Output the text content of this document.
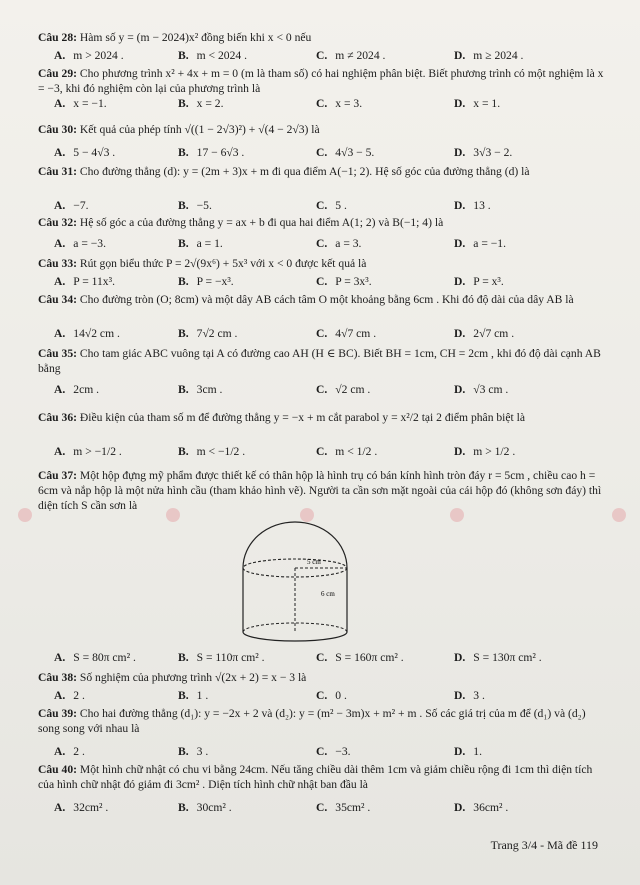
Câu 28: Hàm số y = (m − 2024)x² đồng biến khi x < 0 nếu
A. m > 2024 .	B. m < 2024 .	C. m ≠ 2024 .	D. m ≥ 2024 .
Câu 29: Cho phương trình x² + 4x + m = 0 (m là tham số) có hai nghiệm phân biệt. Biết phương trình có một nghiệm là x = −3, khi đó nghiệm còn lại của phương trình là
A. x = −1.	B. x = 2.	C. x = 3.	D. x = 1.
Câu 30: Kết quả của phép tính √((1 − 2√3)²) + √(4 − 2√3) là
A. 5 − 4√3 .	B. 17 − 6√3 .	C. 4√3 − 5.	D. 3√3 − 2.
Câu 31: Cho đường thẳng (d): y = (2m + 3)x + m đi qua điểm A(−1; 2). Hệ số góc của đường thẳng (d) là
A. −7.	B. −5.	C. 5 .	D. 13 .
Câu 32: Hệ số góc a của đường thẳng y = ax + b đi qua hai điểm A(1; 2) và B(−1; 4) là
A. a = −3.	B. a = 1.	C. a = 3.	D. a = −1.
Câu 33: Rút gọn biểu thức P = 2√(9x⁶) + 5x³ với x < 0 được kết quả là
A. P = 11x³.	B. P = −x³.	C. P = 3x³.	D. P = x³.
Câu 34: Cho đường tròn (O; 8cm) và một dây AB cách tâm O một khoảng bằng 6cm . Khi đó độ dài của dây AB là
A. 14√2 cm .	B. 7√2 cm .	C. 4√7 cm .	D. 2√7 cm .
Câu 35: Cho tam giác ABC vuông tại A có đường cao AH (H ∈ BC). Biết BH = 1cm, CH = 2cm , khi đó độ dài cạnh AB bằng
A. 2cm .	B. 3cm .	C. √2 cm .	D. √3 cm .
Câu 36: Điều kiện của tham số m để đường thẳng y = −x + m cắt parabol y = x²/2 tại 2 điểm phân biệt là
A. m > −1/2 .	B. m < −1/2 .	C. m < 1/2 .	D. m > 1/2 .
Câu 37: Một hộp đựng mỹ phẩm được thiết kế có thân hộp là hình trụ có bán kính hình tròn đáy r = 5cm , chiều cao h = 6cm và nắp hộp là một nửa hình cầu (tham khảo hình vẽ). Người ta cần sơn mặt ngoài của cái hộp đó (không sơn đáy) thì diện tích S cần sơn là
5 cm
6 cm
A. S = 80π cm² .	B. S = 110π cm² .	C. S = 160π cm² .	D. S = 130π cm² .
Câu 38: Số nghiệm của phương trình √(2x + 2) = x − 3 là
A. 2 .	B. 1 .	C. 0 .	D. 3 .
Câu 39: Cho hai đường thẳng (d₁): y = −2x + 2 và (d₂): y = (m² − 3m)x + m² + m . Số các giá trị của m để (d₁) và (d₂) song song với nhau là
A. 2 .	B. 3 .	C. −3.	D. 1.
Câu 40: Một hình chữ nhật có chu vi bằng 24cm. Nếu tăng chiều dài thêm 1cm và giảm chiều rộng đi 1cm thì diện tích của hình chữ nhật đó giảm đi 3cm² . Diện tích hình chữ nhật ban đầu là
A. 32cm² .	B. 30cm² .	C. 35cm² .	D. 36cm² .
Trang 3/4 - Mã đề 119
